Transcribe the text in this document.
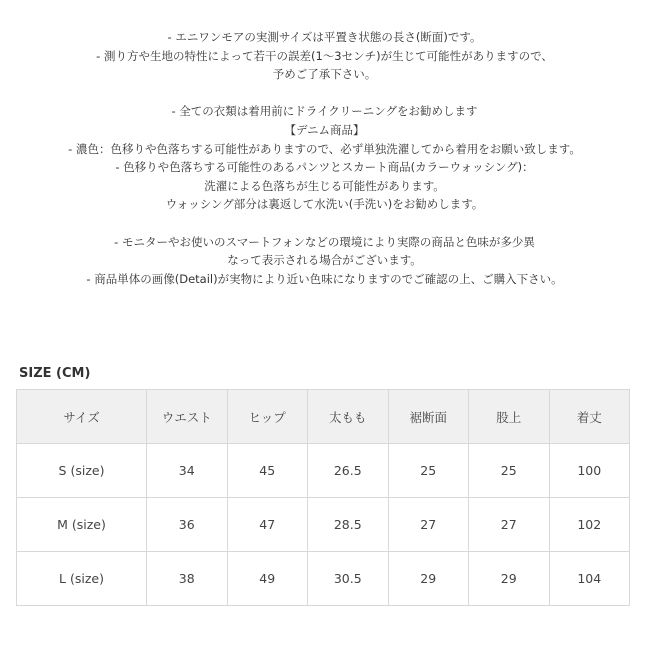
- エニワンモアの実測サイズは平置き状態の長さ(断面)です。
- 測り方や生地の特性によって若干の誤差(1〜3センチ)が生じて可能性がありますので、
予めご了承下さい。
- 全ての衣類は着用前にドライクリーニングをお勧めします
【デニム商品】
- 濃色：色移りや色落ちする可能性がありますので、必ず単独洗濯してから着用をお願い致します。
- 色移りや色落ちする可能性のあるパンツとスカート商品(カラーウォッシング)：
洗濯による色落ちが生じる可能性があります。
ウォッシング部分は裏返して水洗い(手洗い)をお勧めします。
- モニターやお使いのスマートフォンなどの環境により実際の商品と色味が多少異
なって表示される場合がございます。
- 商品単体の画像(Detail)が実物により近い色味になりますのでご確認の上、ご購入下さい。
SIZE (CM)
サイズ	ウエスト	ヒップ	太もも	裾断面	股上	着丈
S (size)	34	45	26.5	25	25	100
M (size)	36	47	28.5	27	27	102
L (size)	38	49	30.5	29	29	104
